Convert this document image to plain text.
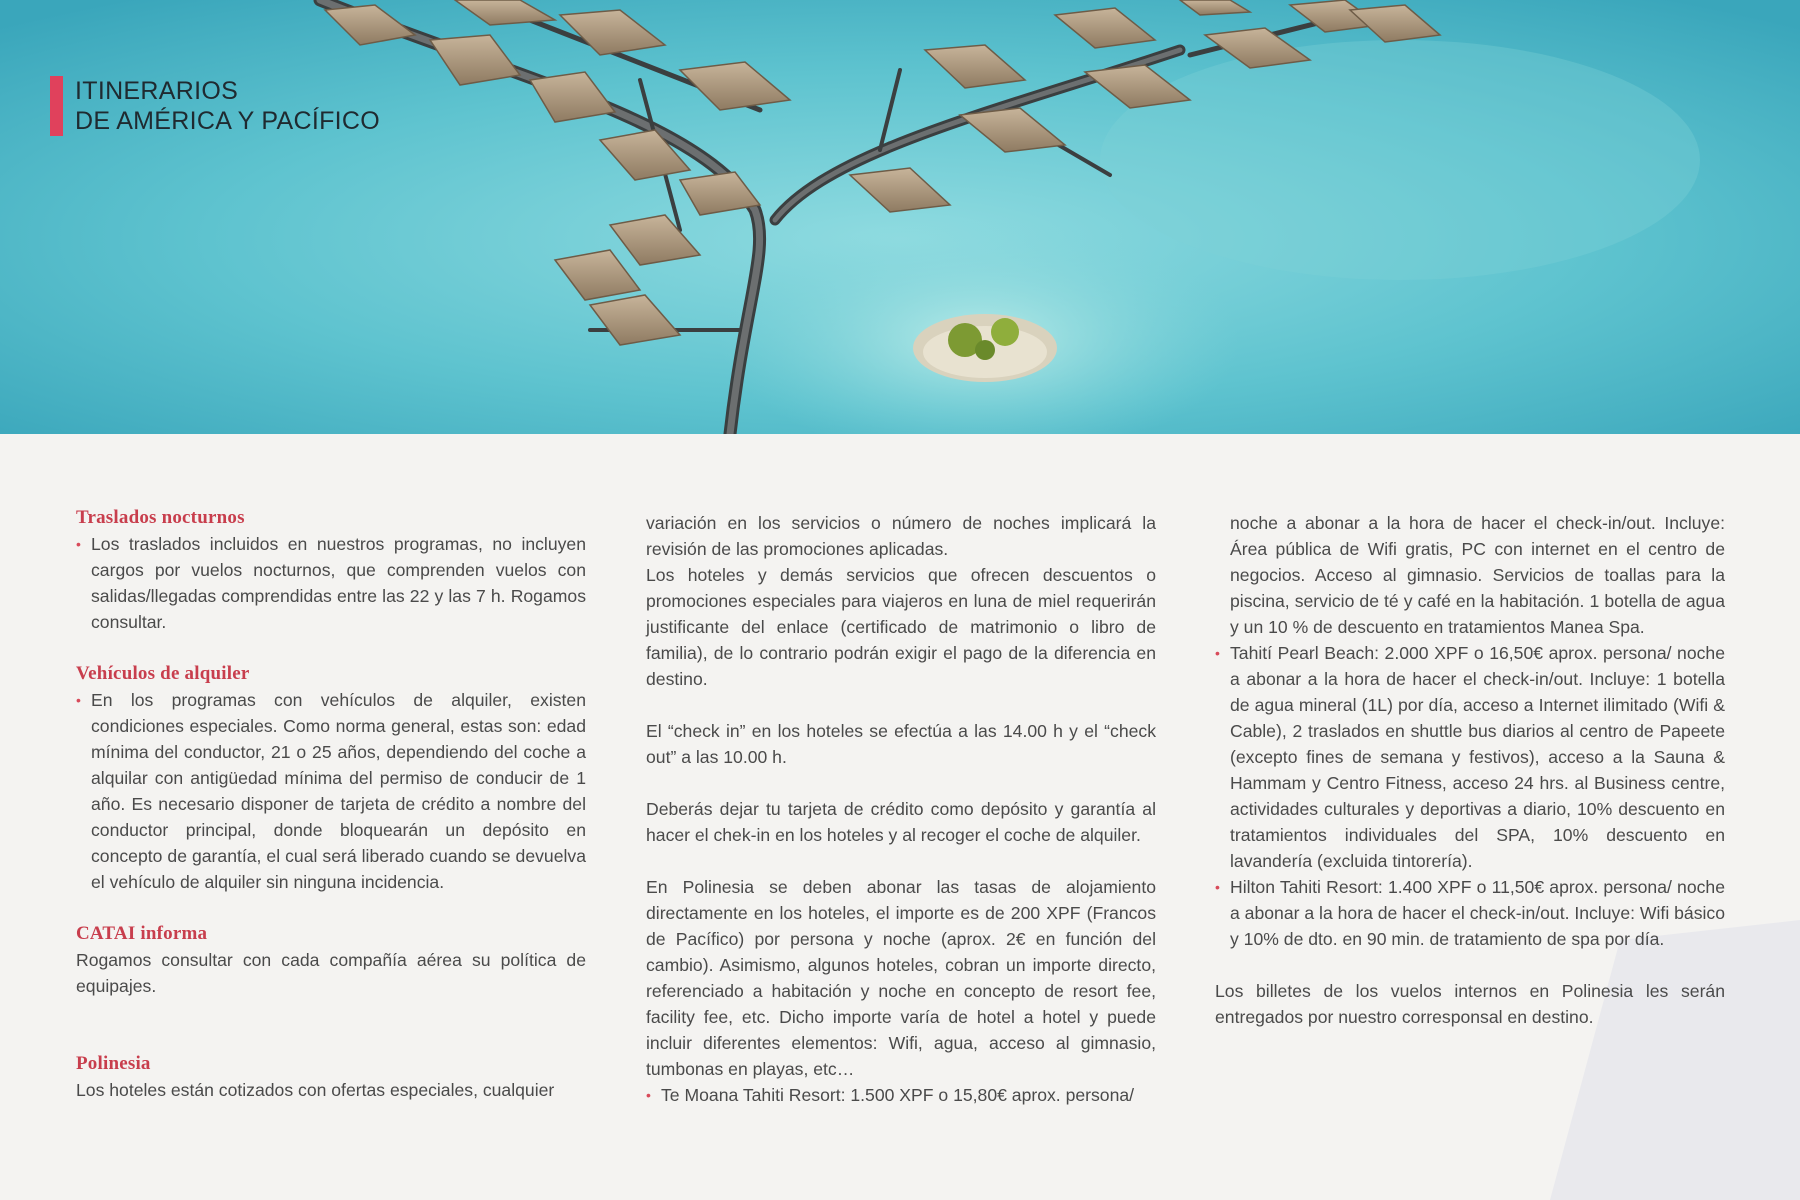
ITINERARIOS
DE AMÉRICA Y PACÍFICO
Traslados nocturnos
• Los traslados incluidos en nuestros programas, no incluyen cargos por vuelos nocturnos, que comprenden vuelos con salidas/llegadas comprendidas entre las 22 y las 7 h. Rogamos consultar.
Vehículos de alquiler
• En los programas con vehículos de alquiler, existen condiciones especiales. Como norma general, estas son: edad mínima del conductor, 21 o 25 años, dependiendo del coche a alquilar con antigüedad mínima del permiso de conducir de 1 año. Es necesario disponer de tarjeta de crédito a nombre del conductor principal, donde bloquearán un depósito en concepto de garantía, el cual será liberado cuando se devuelva el vehículo de alquiler sin ninguna incidencia.
CATAI informa
Rogamos consultar con cada compañía aérea su política de equipajes.
Polinesia
Los hoteles están cotizados con ofertas especiales, cualquier
variación en los servicios o número de noches implicará la revisión de las promociones aplicadas.
Los hoteles y demás servicios que ofrecen descuentos o promociones especiales para viajeros en luna de miel requerirán justificante del enlace (certificado de matrimonio o libro de familia), de lo contrario podrán exigir el pago de la diferencia en destino.
El “check in” en los hoteles se efectúa a las 14.00 h y el “check out” a las 10.00 h.
Deberás dejar tu tarjeta de crédito como depósito y garantía al hacer el chek-in en los hoteles y al recoger el coche de alquiler.
En Polinesia se deben abonar las tasas de alojamiento directamente en los hoteles, el importe es de 200 XPF (Francos de Pacífico) por persona y noche (aprox. 2€ en función del cambio). Asimismo, algunos hoteles, cobran un importe directo, referenciado a habitación y noche en concepto de resort fee, facility fee, etc. Dicho importe varía de hotel a hotel y puede incluir diferentes elementos: Wifi, agua, acceso al gimnasio, tumbonas en playas, etc…
• Te Moana Tahiti Resort: 1.500 XPF o 15,80€ aprox. persona/
noche a abonar a la hora de hacer el check-in/out. Incluye: Área pública de Wifi gratis, PC con internet en el centro de negocios. Acceso al gimnasio. Servicios de toallas para la piscina, servicio de té y café en la habitación. 1 botella de agua y un 10 % de descuento en tratamientos Manea Spa.
• Tahití Pearl Beach: 2.000 XPF o 16,50€ aprox. persona/ noche a abonar a la hora de hacer el check-in/out. Incluye: 1 botella de agua mineral (1L) por día, acceso a Internet ilimitado (Wifi & Cable), 2 traslados en shuttle bus diarios al centro de Papeete (excepto fines de semana y festivos), acceso a la Sauna & Hammam y Centro Fitness, acceso 24 hrs. al Business centre, actividades culturales y deportivas a diario, 10% descuento en tratamientos individuales del SPA, 10% descuento en lavandería (excluida tintorería).
• Hilton Tahiti Resort: 1.400 XPF o 11,50€ aprox. persona/ noche a abonar a la hora de hacer el check-in/out. Incluye: Wifi básico y 10% de dto. en 90 min. de tratamiento de spa por día.
Los billetes de los vuelos internos en Polinesia les serán entregados por nuestro corresponsal en destino.
